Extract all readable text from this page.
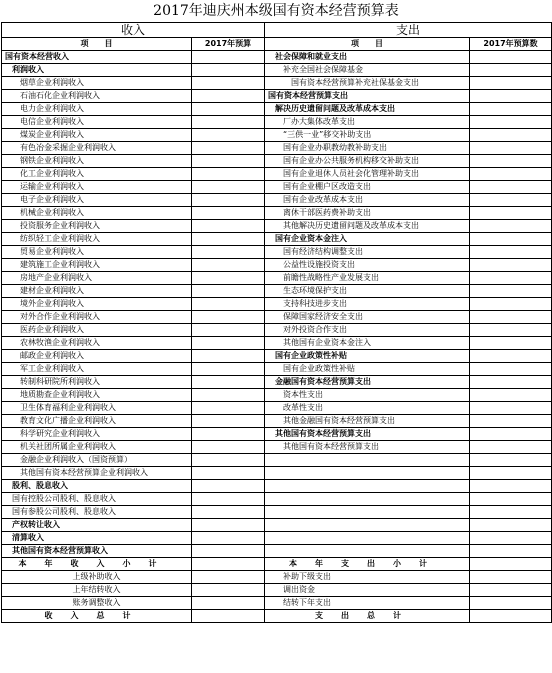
2017年迪庆州本级国有资本经营预算表
收入		支出	
项　　目	2017年预算	项　　目	2017年预算数
国有资本经营收入		社会保障和就业支出	
利润收入		补充全国社会保障基金	
烟草企业利润收入		国有资本经营预算补充社保基金支出	
石油石化企业利润收入		国有资本经营预算支出	
电力企业利润收入		解决历史遗留问题及改革成本支出	
电信企业利润收入		厂办大集体改革支出	
煤炭企业利润收入		“三供一业”移交补助支出	
有色冶金采掘企业利润收入		国有企业办职教幼教补助支出	
钢铁企业利润收入		国有企业办公共服务机构移交补助支出	
化工企业利润收入		国有企业退休人员社会化管理补助支出	
运输企业利润收入		国有企业棚户区改造支出	
电子企业利润收入		国有企业改革成本支出	
机械企业利润收入		离休干部医药费补助支出	
投资服务企业利润收入		其他解决历史遗留问题及改革成本支出	
纺织轻工企业利润收入		国有企业资本金注入	
贸易企业利润收入		国有经济结构调整支出	
建筑施工企业利润收入		公益性设施投资支出	
房地产企业利润收入		前瞻性战略性产业发展支出	
建材企业利润收入		生态环境保护支出	
境外企业利润收入		支持科技进步支出	
对外合作企业利润收入		保障国家经济安全支出	
医药企业利润收入		对外投资合作支出	
农林牧渔企业利润收入		其他国有企业资本金注入	
邮政企业利润收入		国有企业政策性补贴	
军工企业利润收入		国有企业政策性补贴	
转制科研院所利润收入		金融国有资本经营预算支出	
地质勘查企业利润收入		资本性支出	
卫生体育福利企业利润收入		改革性支出	
教育文化广播企业利润收入		其他金融国有资本经营预算支出	
科学研究企业利润收入		其他国有资本经营预算支出	
机关社团所属企业利润收入		其他国有资本经营预算支出	
金融企业利润收入（国资预算）			
其他国有资本经营预算企业利润收入			
股利、股息收入			
国有控股公司股利、股息收入			
国有参股公司股利、股息收入			
产权转让收入			
清算收入			
其他国有资本经营预算收入			
本年收入小计		本年支出小计	
上级补助收入		补助下级支出	
上年结转收入		调出资金	
账务调整收入		结转下年支出	
收入总计		支出总计	
